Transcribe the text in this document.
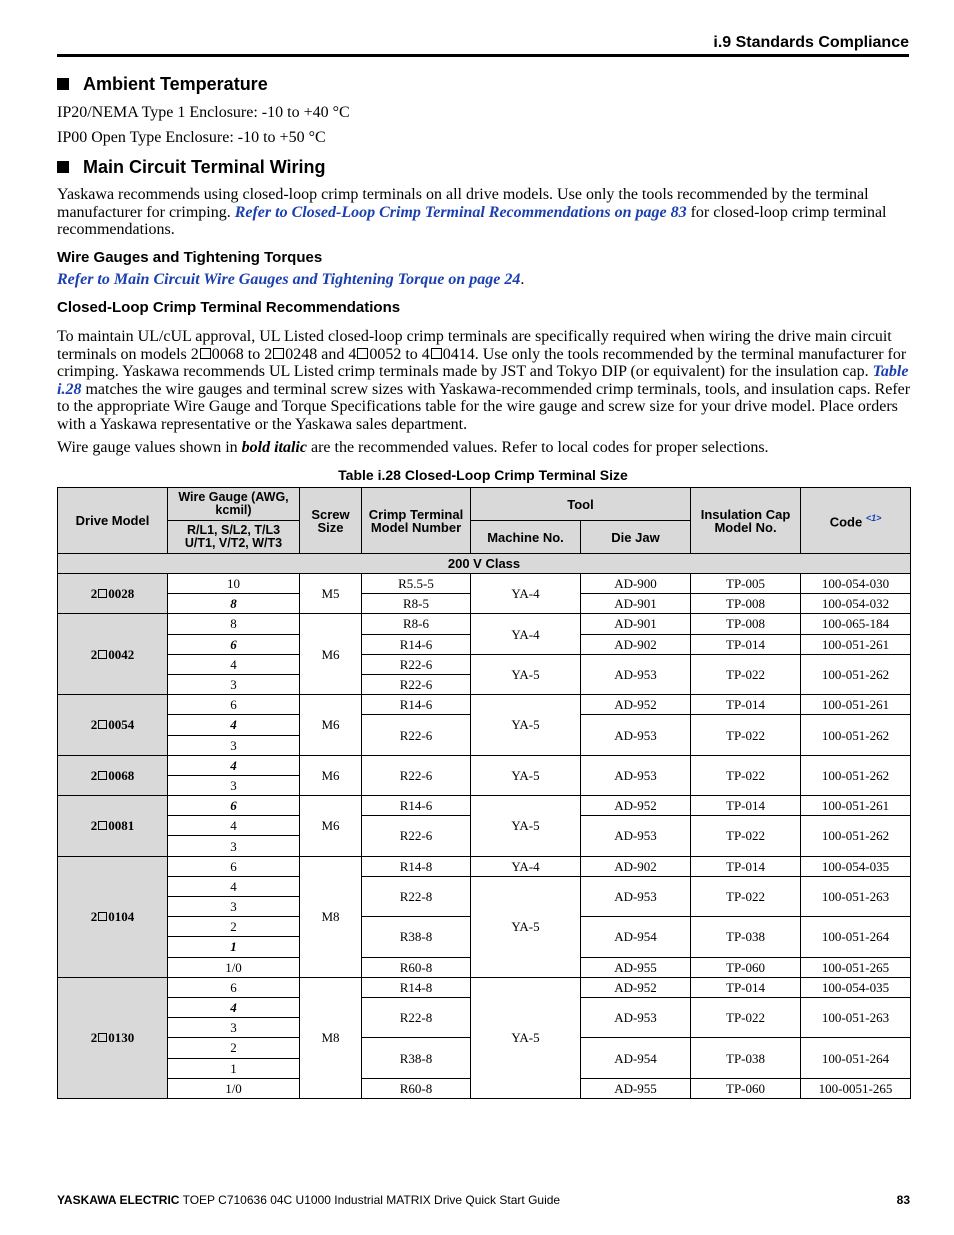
i.9 Standards Compliance
Ambient Temperature
IP20/NEMA Type 1 Enclosure: -10 to +40 °C
IP00 Open Type Enclosure: -10 to +50 °C
Main Circuit Terminal Wiring
Yaskawa recommends using closed-loop crimp terminals on all drive models. Use only the tools recommended by the terminal manufacturer for crimping. Refer to Closed-Loop Crimp Terminal Recommendations on page 83 for closed-loop crimp terminal recommendations.
Wire Gauges and Tightening Torques
Refer to Main Circuit Wire Gauges and Tightening Torque on page 24.
Closed-Loop Crimp Terminal Recommendations
To maintain UL/cUL approval, UL Listed closed-loop crimp terminals are specifically required when wiring the drive main circuit terminals on models 2 0068 to 2 0248 and 4 0052 to 4 0414. Use only the tools recommended by the terminal manufacturer for crimping. Yaskawa recommends UL Listed crimp terminals made by JST and Tokyo DIP (or equivalent) for the insulation cap. Table i.28 matches the wire gauges and terminal screw sizes with Yaskawa-recommended crimp terminals, tools, and insulation caps. Refer to the appropriate Wire Gauge and Torque Specifications table for the wire gauge and screw size for your drive model. Place orders with a Yaskawa representative or the Yaskawa sales department.
Wire gauge values shown in bold italic are the recommended values. Refer to local codes for proper selections.
Table i.28 Closed-Loop Crimp Terminal Size
Drive Model	Wire Gauge (AWG, kcmil)	Screw Size	Crimp Terminal Model Number	Tool		Insulation Cap Model No.	Code $^{<1>}$
	R/L1, S/L2, T/L3
U/T1, V/T2, W/T3			Machine No.	Die Jaw		
200 V Class							
2 0028	10	M5	R5.5-5	YA-4	AD-900	TP-005	100-054-030
	8		R8-5		AD-901	TP-008	100-054-032
2 0042	8	M6	R8-6	YA-4	AD-901	TP-008	100-065-184
	6		R14-6		AD-902	TP-014	100-051-261
	4		R22-6	YA-5	AD-953	TP-022	100-051-262
	3		R22-6				
2 0054	6	M6	R14-6	YA-5	AD-952	TP-014	100-051-261
	4		R22-6		AD-953	TP-022	100-051-262
	3						
2 0068	4	M6	R22-6	YA-5	AD-953	TP-022	100-051-262
	3						
2 0081	6	M6	R14-6	YA-5	AD-952	TP-014	100-051-261
	4		R22-6		AD-953	TP-022	100-051-262
	3						
2 0104	6	M8	R14-8	YA-4	AD-902	TP-014	100-054-035
	4		R22-8	YA-5	AD-953	TP-022	100-051-263
	3						
	2		R38-8		AD-954	TP-038	100-051-264
	1						
	1/0		R60-8		AD-955	TP-060	100-051-265
2 0130	6	M8	R14-8	YA-5	AD-952	TP-014	100-054-035
	4		R22-8		AD-953	TP-022	100-051-263
	3						
	2		R38-8		AD-954	TP-038	100-051-264
	1						
	1/0		R60-8		AD-955	TP-060	100-0051-265
YASKAWA ELECTRIC TOEP C710636 04C U1000 Industrial MATRIX Drive Quick Start Guide	83
